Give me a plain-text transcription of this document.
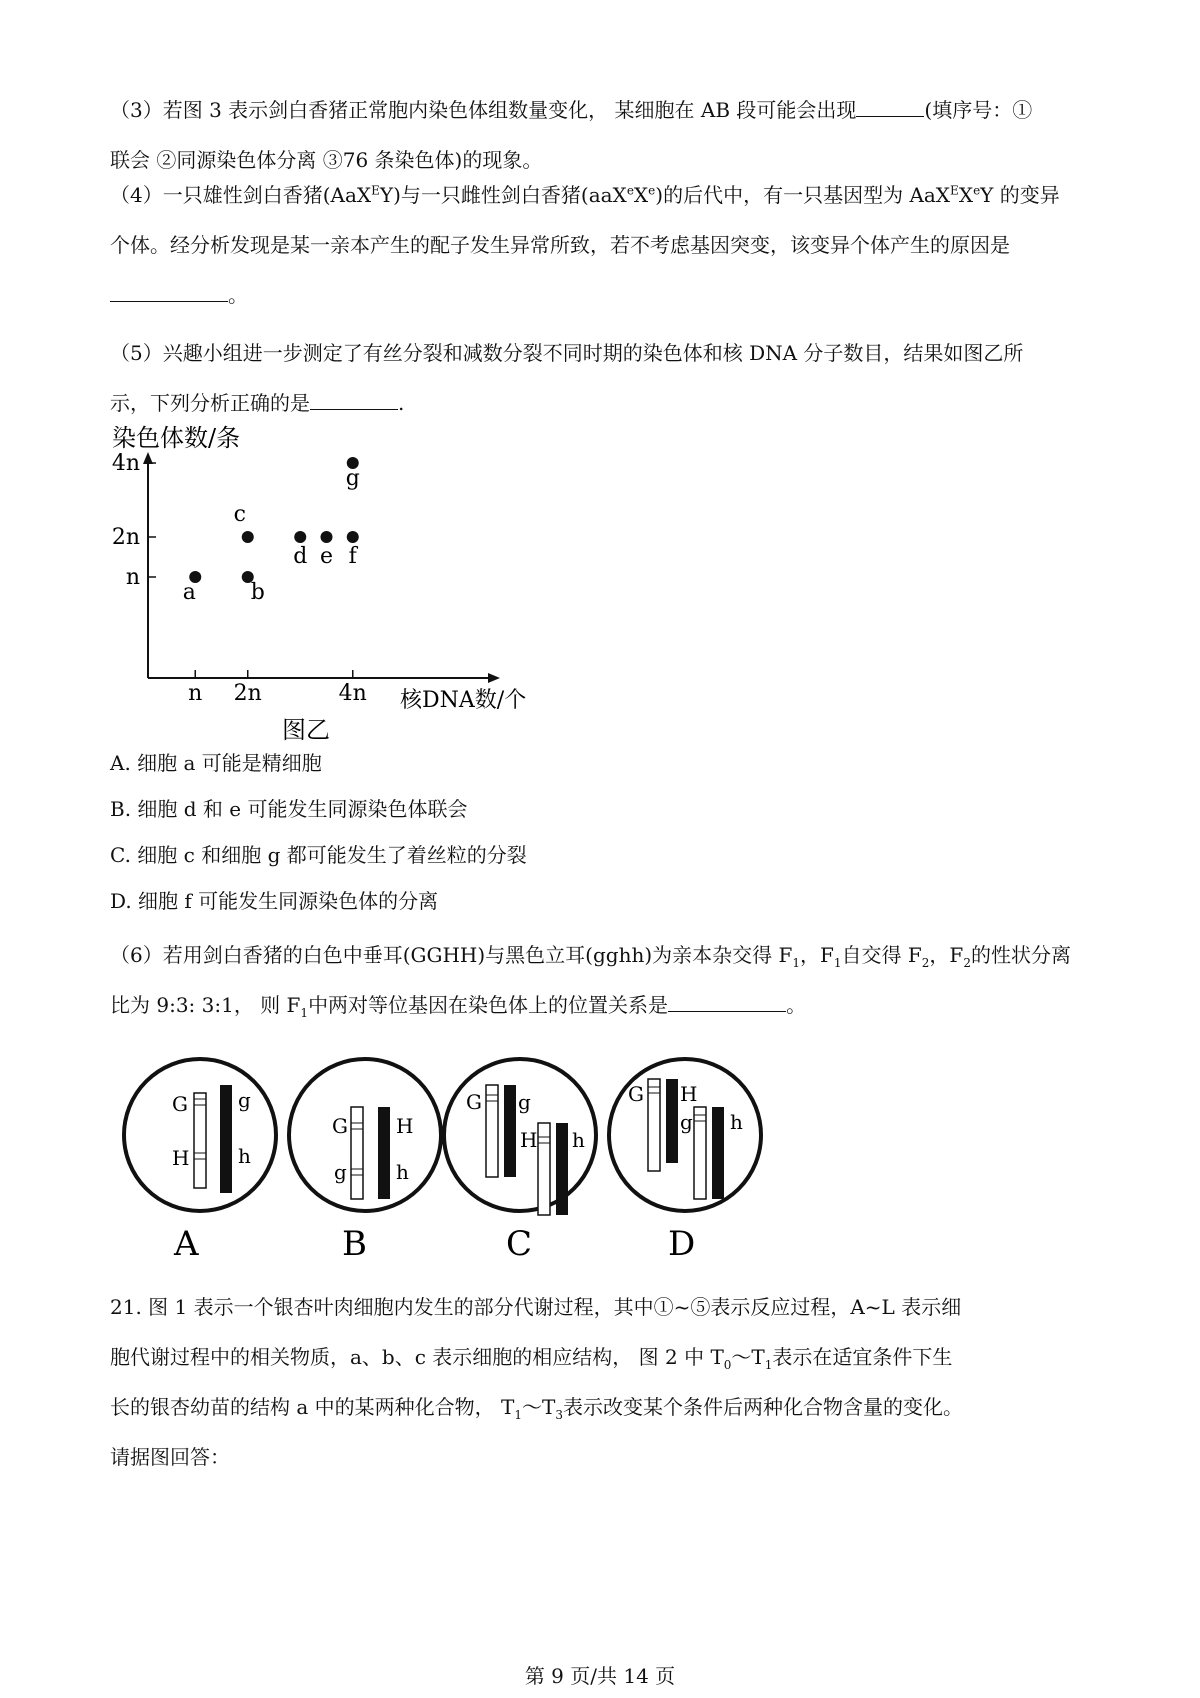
（3）若图 3 表示剑白香猪正常胞内染色体组数量变化， 某细胞在 AB 段可能会出现	(填序号：①
联会 ②同源染色体分离 ③76 条染色体)的现象。
（4）一只雄性剑白香猪(AaX$^E$Y)与一只雌性剑白香猪(aaX$^e$Xe)的后代中，有一只基因型为 AaX$^E$XeY 的变异
个体。经分析发现是某一亲本产生的配子发生异常所致，若不考虑基因突变，该变异个体产生的原因是
。
（5）兴趣小组进一步测定了有丝分裂和减数分裂不同时期的染色体和核 DNA 分子数目，结果如图乙所
示，下列分析正确的是	.
染色体数/条
n 2n	4n
n
2n
4n
a b
c
d e f
g
核DNA数/个
图乙
A. 细胞 a 可能是精细胞
B. 细胞 d 和 e 可能发生同源染色体联会
C. 细胞 c 和细胞 g 都可能发生了着丝粒的分裂
D. 细胞 f 可能发生同源染色体的分离
（6）若用剑白香猪的白色中垂耳(GGHH)与黑色立耳(gghh)为亲本杂交得 $F_1$，$F_1$自交得 $F_2$，$F_2$的性状分离
比为 9:3: 3:1， 则 $F_1$中两对等位基因在染色体上的位置关系是	。
G
H
g
h
A
G
g
H
h
B
G g
H h
C
G H
g h
D
21. 图 1 表示一个银杏叶肉细胞内发生的部分代谢过程，其中①~⑤表示反应过程，A~L 表示细
胞代谢过程中的相关物质，a、b、c 表示细胞的相应结构， 图 2 中 $T_0\sim T_1$表示在适宜条件下生
长的银杏幼苗的结构 a 中的某两种化合物， $T_1\sim T_3$表示改变某个条件后两种化合物含量的变化。
请据图回答：
第 9 页/共 14 页
